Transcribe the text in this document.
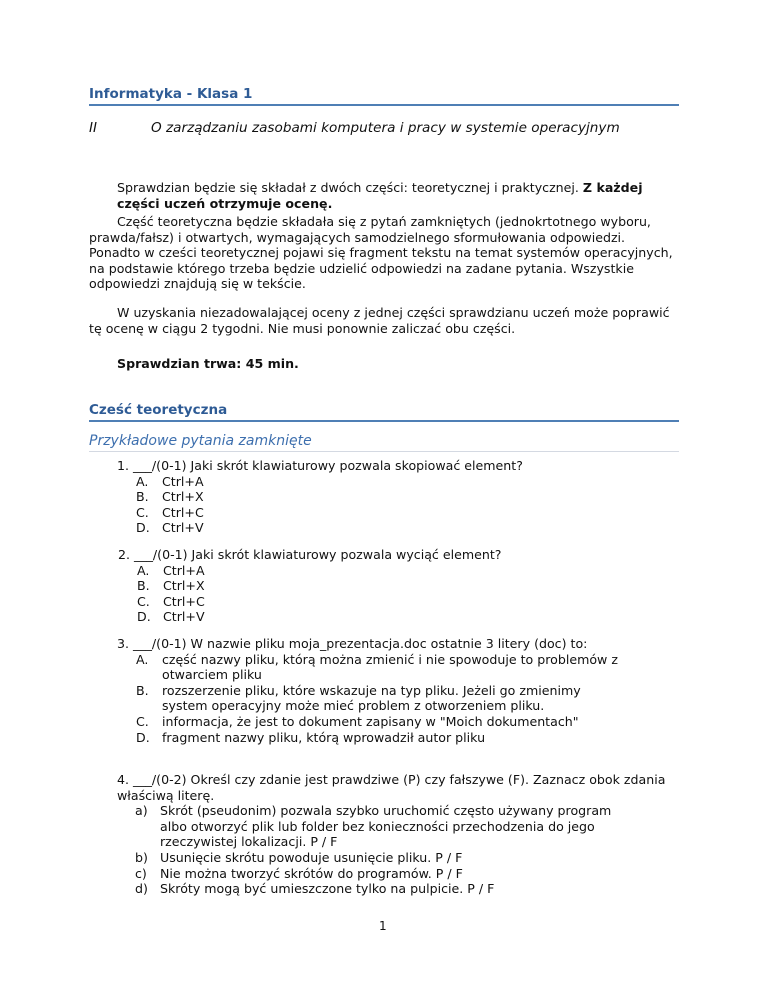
Informatyka - Klasa 1
II	O zarządzaniu zasobami komputera i pracy w systemie operacyjnym
Sprawdzian będzie się składał z dwóch części: teoretycznej i praktycznej. Z każdej części uczeń otrzymuje ocenę.
Część teoretyczna będzie składała się z pytań zamkniętych (jednokrtotnego wyboru, prawda/fałsz) i otwartych, wymagających samodzielnego sformułowania odpowiedzi. Ponadto w cześci teoretycznej pojawi się fragment tekstu na temat systemów operacyjnych, na podstawie którego trzeba będzie udzielić odpowiedzi na zadane pytania. Wszystkie odpowiedzi znajdują się w tekście.
W uzyskania niezadowalającej oceny z jednej części sprawdzianu uczeń może poprawić tę ocenę w ciągu 2 tygodni. Nie musi ponownie zaliczać obu części.
Sprawdzian trwa: 45 min.
Cześć teoretyczna
Przykładowe pytania zamknięte
1. ___/(0-1) Jaki skrót klawiaturowy pozwala skopiować element?
A. Ctrl+A
B. Ctrl+X
C. Ctrl+C
D. Ctrl+V
2. ___/(0-1) Jaki skrót klawiaturowy pozwala wyciąć element?
A. Ctrl+A
B. Ctrl+X
C. Ctrl+C
D. Ctrl+V
3. ___/(0-1) W nazwie pliku moja_prezentacja.doc ostatnie 3 litery (doc) to:
A. część nazwy pliku, którą można zmienić i nie spowoduje to problemów z otwarciem pliku
B. rozszerzenie pliku, które wskazuje na typ pliku. Jeżeli go zmienimy system operacyjny może mieć problem z otworzeniem pliku.
C. informacja, że jest to dokument zapisany w "Moich dokumentach"
D. fragment nazwy pliku, którą wprowadził autor pliku
4. ___/(0-2) Określ czy zdanie jest prawdziwe (P) czy fałszywe (F). Zaznacz obok zdania właściwą literę.
a) Skrót (pseudonim) pozwala szybko uruchomić często używany program albo otworzyć plik lub folder bez konieczności przechodzenia do jego rzeczywistej lokalizacji. P / F
b) Usunięcie skrótu powoduje usunięcie pliku. P / F
c) Nie można tworzyć skrótów do programów. P / F
d) Skróty mogą być umieszczone tylko na pulpicie. P / F
1
